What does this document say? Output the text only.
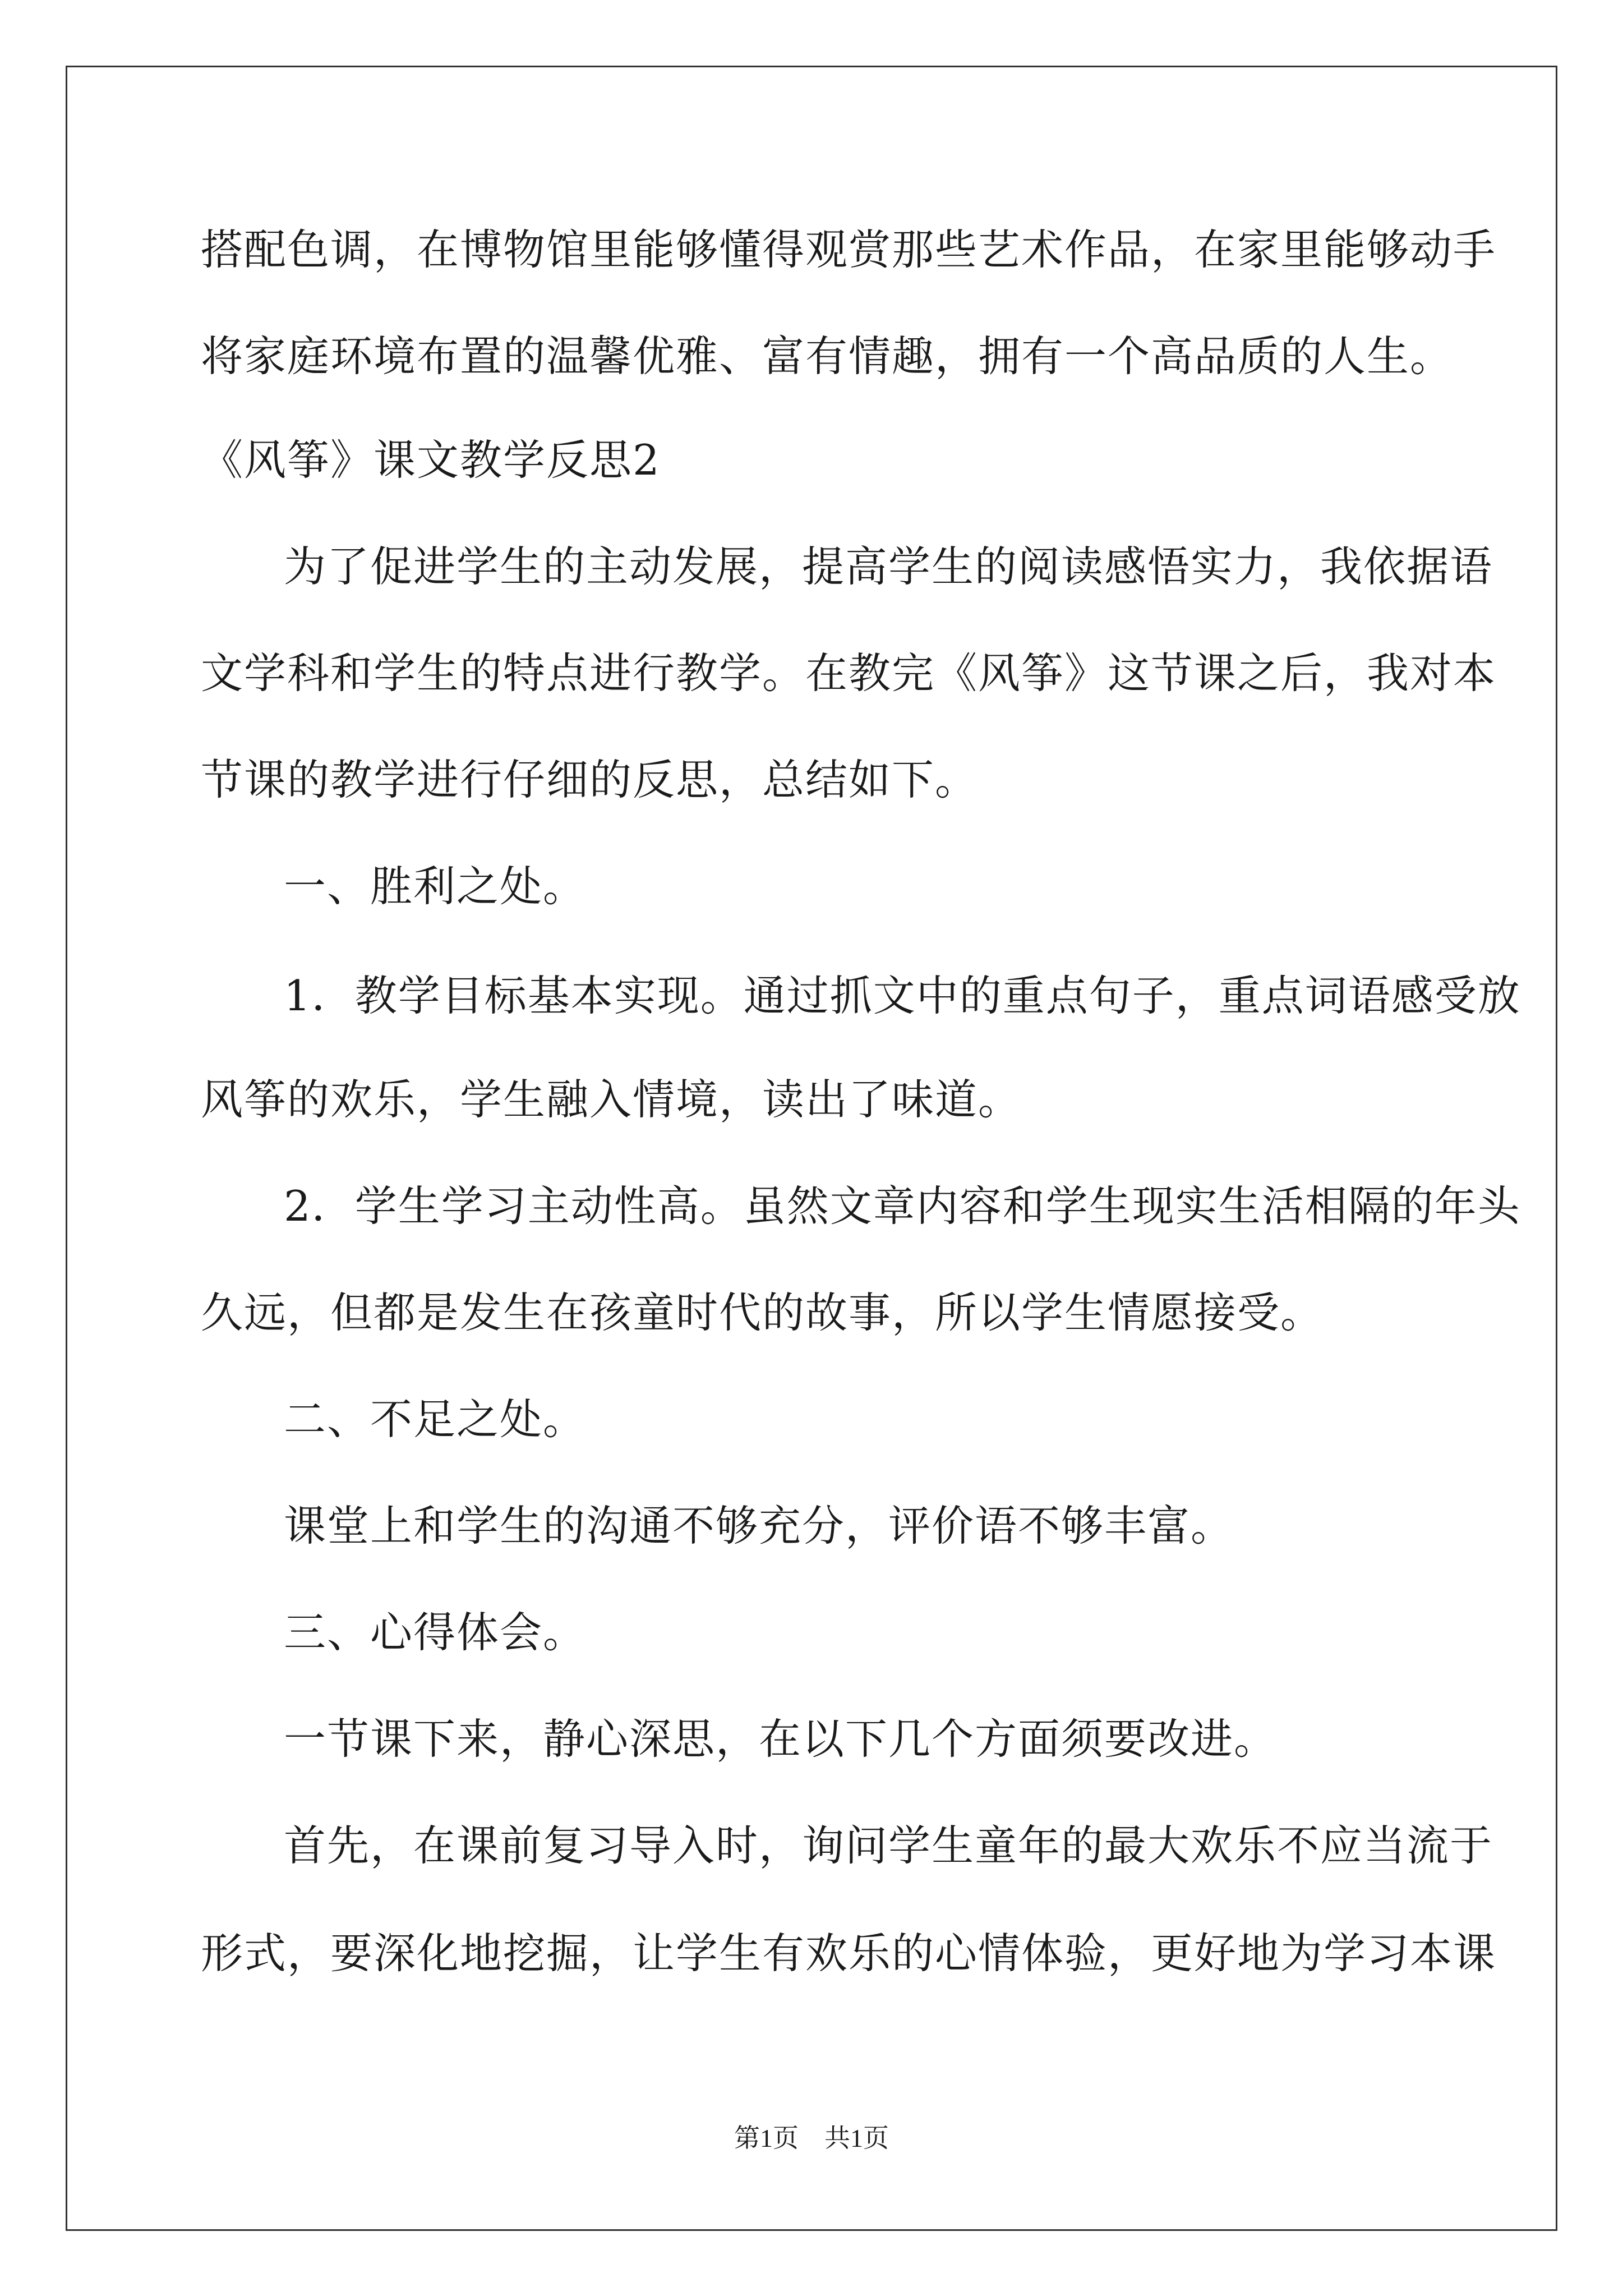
搭配色调，在博物馆里能够懂得观赏那些艺术作品，在家里能够动手
将家庭环境布置的温馨优雅、富有情趣，拥有一个高品质的人生。
《风筝》课文教学反思2
为了促进学生的主动发展，提高学生的阅读感悟实力，我依据语
文学科和学生的特点进行教学。在教完《风筝》这节课之后，我对本
节课的教学进行仔细的反思，总结如下。
一、胜利之处。
1．教学目标基本实现。通过抓文中的重点句子，重点词语感受放
风筝的欢乐，学生融入情境，读出了味道。
2．学生学习主动性高。虽然文章内容和学生现实生活相隔的年头
久远，但都是发生在孩童时代的故事，所以学生情愿接受。
二、不足之处。
课堂上和学生的沟通不够充分，评价语不够丰富。
三、心得体会。
一节课下来，静心深思，在以下几个方面须要改进。
首先，在课前复习导入时，询问学生童年的最大欢乐不应当流于
形式，要深化地挖掘，让学生有欢乐的心情体验，更好地为学习本课
第1页　共1页
